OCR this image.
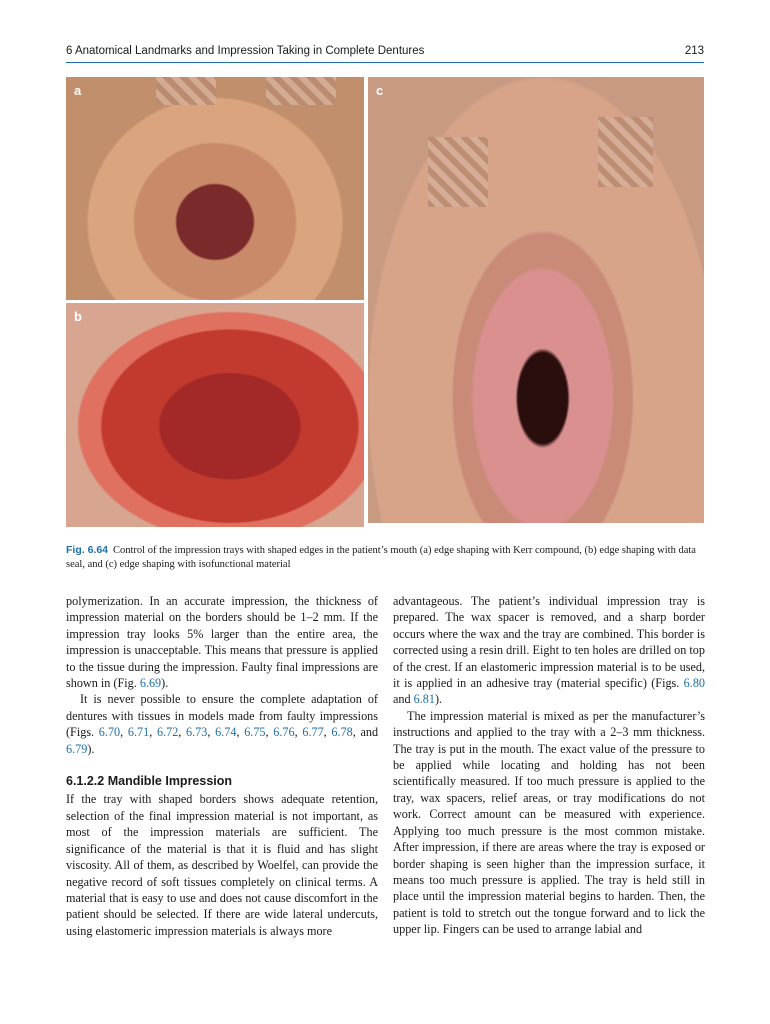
6 Anatomical Landmarks and Impression Taking in Complete Dentures	213
a
b
c
Fig. 6.64 Control of the impression trays with shaped edges in the patient’s mouth (a) edge shaping with Kerr compound, (b) edge shaping with data seal, and (c) edge shaping with isofunctional material

polymerization. In an accurate impression, the thickness of impression material on the borders should be 1–2 mm. If the impression tray looks 5% larger than the entire area, the impression is unacceptable. This means that pressure is applied to the tissue during the impression. Faulty final impressions are shown in (Fig. 6.69).

It is never possible to ensure the complete adaptation of dentures with tissues in models made from faulty impressions (Figs. 6.70, 6.71, 6.72, 6.73, 6.74, 6.75, 6.76, 6.77, 6.78, and 6.79).

6.1.2.2 Mandible Impression

If the tray with shaped borders shows adequate retention, selection of the final impression material is not important, as most of the impression materials are sufficient. The significance of the material is that it is fluid and has slight viscosity. All of them, as described by Woelfel, can provide the negative record of soft tissues completely on clinical terms. A material that is easy to use and does not cause discomfort in the patient should be selected. If there are wide lateral undercuts, using elastomeric impression materials is always more

advantageous. The patient’s individual impression tray is prepared. The wax spacer is removed, and a sharp border occurs where the wax and the tray are combined. This border is corrected using a resin drill. Eight to ten holes are drilled on top of the crest. If an elastomeric impression material is to be used, it is applied in an adhesive tray (material specific) (Figs. 6.80 and 6.81).

The impression material is mixed as per the manufacturer’s instructions and applied to the tray with a 2–3 mm thickness. The tray is put in the mouth. The exact value of the pressure to be applied while locating and holding has not been scientifically measured. If too much pressure is applied to the tray, wax spacers, relief areas, or tray modifications do not work. Correct amount can be measured with experience. Applying too much pressure is the most common mistake. After impression, if there are areas where the tray is exposed or border shaping is seen higher than the impression surface, it means too much pressure is applied. The tray is held still in place until the impression material begins to harden. Then, the patient is told to stretch out the tongue forward and to lick the upper lip. Fingers can be used to arrange labial and
